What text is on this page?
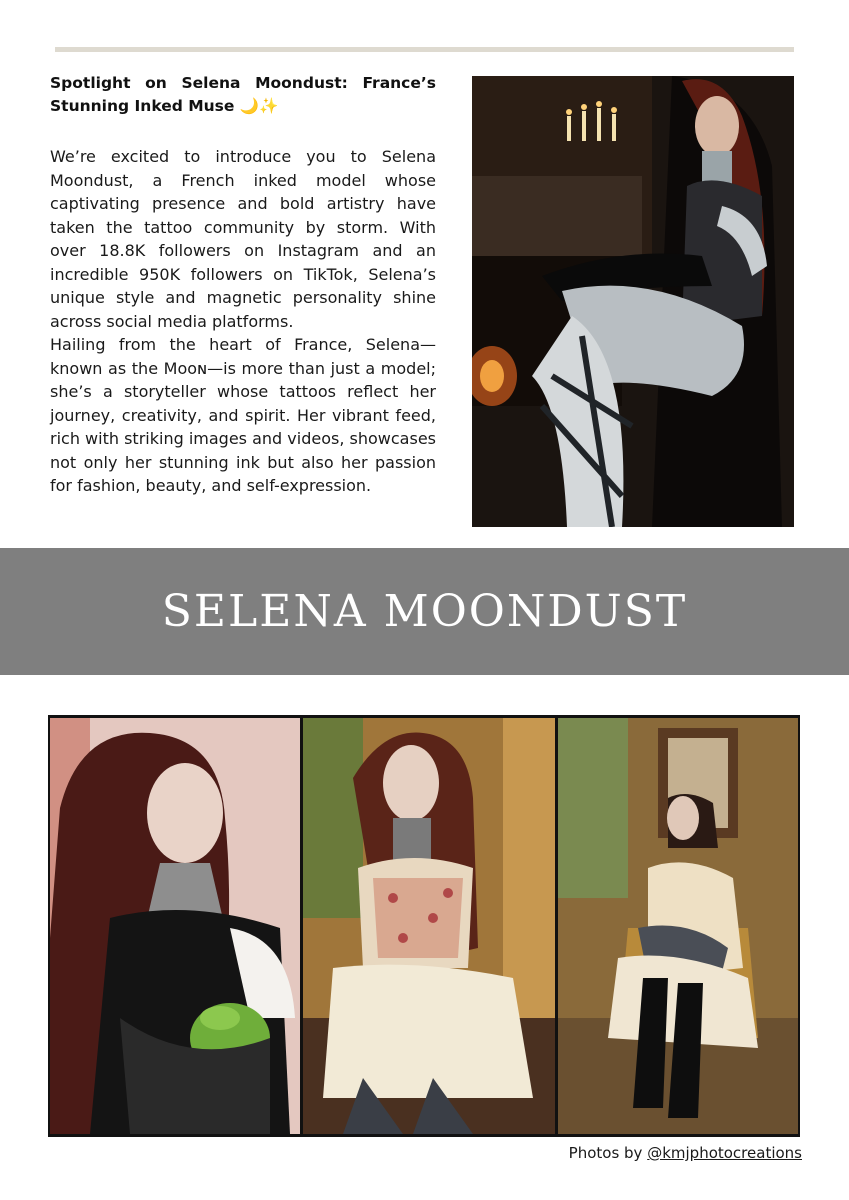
Spotlight on Selena Moondust: France’s Stunning Inked Muse 🌙✨

We’re excited to introduce you to Selena Moondust, a French inked model whose captivating presence and bold artistry have taken the tattoo community by storm. With over 18.8K followers on Instagram and an incredible 950K followers on TikTok, Selena’s unique style and magnetic personality shine across social media platforms.

Hailing from the heart of France, Selena—known as the Mᴏᴏɴ—is more than just a model; she’s a storyteller whose tattoos reflect her journey, creativity, and spirit. Her vibrant feed, rich with striking images and videos, showcases not only her stunning ink but also her passion for fashion, beauty, and self-expression.

SELENA MOONDUST
Photos by @kmjphotocreations
